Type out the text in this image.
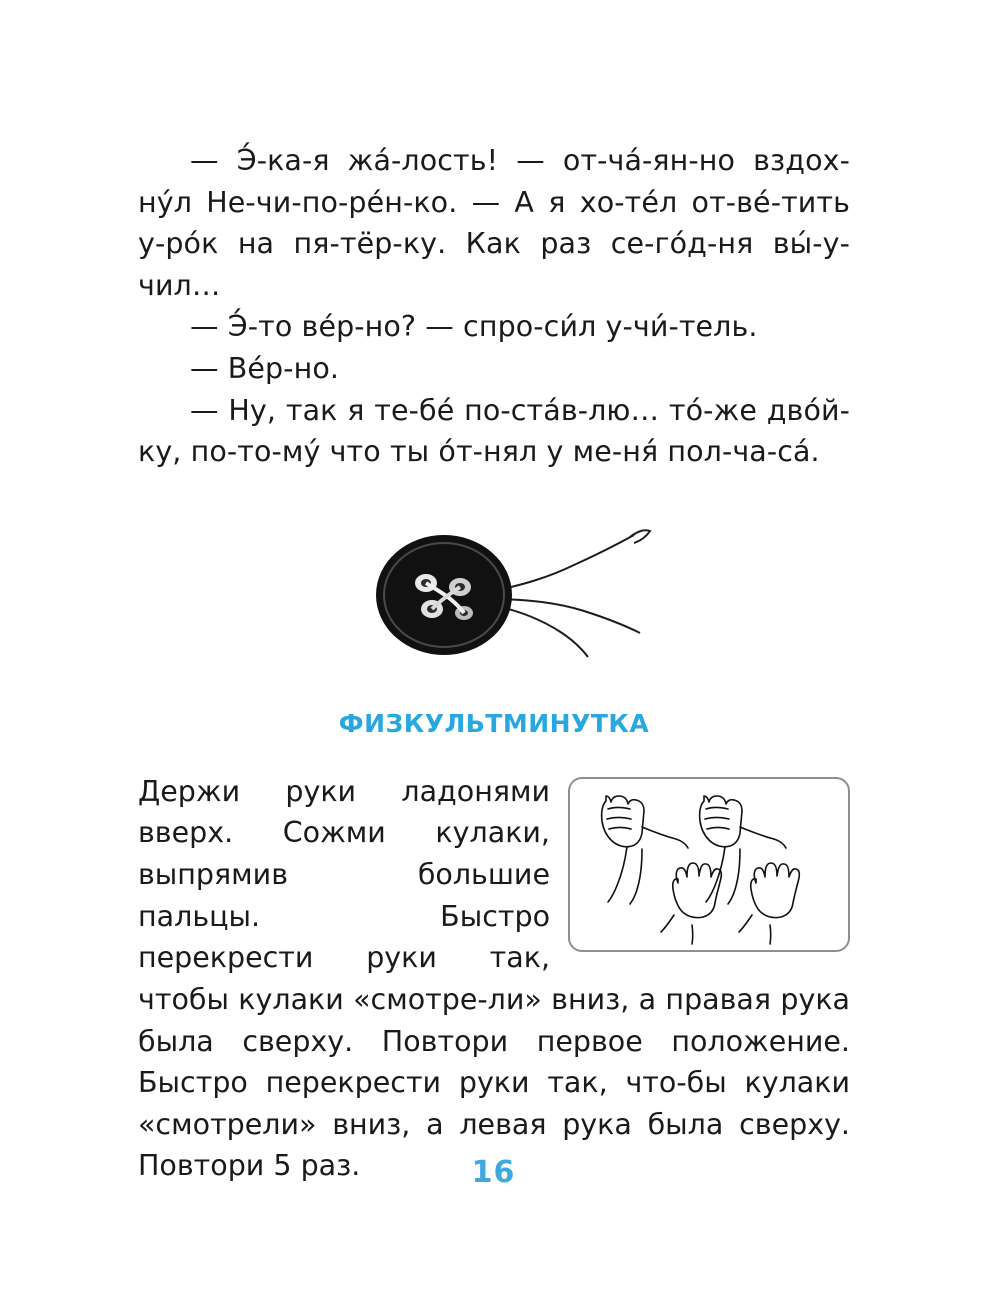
— Э́-ка-я жа́-лость! — от-ча́-ян-но вздох-ну́л Не-чи-по-ре́н-ко. — А я хо-те́л от-ве́-тить у-ро́к на пя-тёр-ку. Как раз се-го́д-ня вы́-у-чил…

— Э́-то ве́р-но? — спро-си́л у-чи́-тель.

— Ве́р-но.

— Ну, так я те-бе́ по-ста́в-лю… то́-же дво́й-ку, по-то-му́ что ты о́т-нял у ме-ня́ пол-ча-са́.

физкультминутка

Держи руки ладонями вверх. Сожми кулаки, выпрямив большие пальцы. Быстро перекрести руки так, чтобы кулаки «смотре-ли» вниз, а правая рука была сверху. Повтори первое положение. Быстро перекрести руки так, что-бы кулаки «смотрели» вниз, а левая рука была сверху. Повтори 5 раз.	16
